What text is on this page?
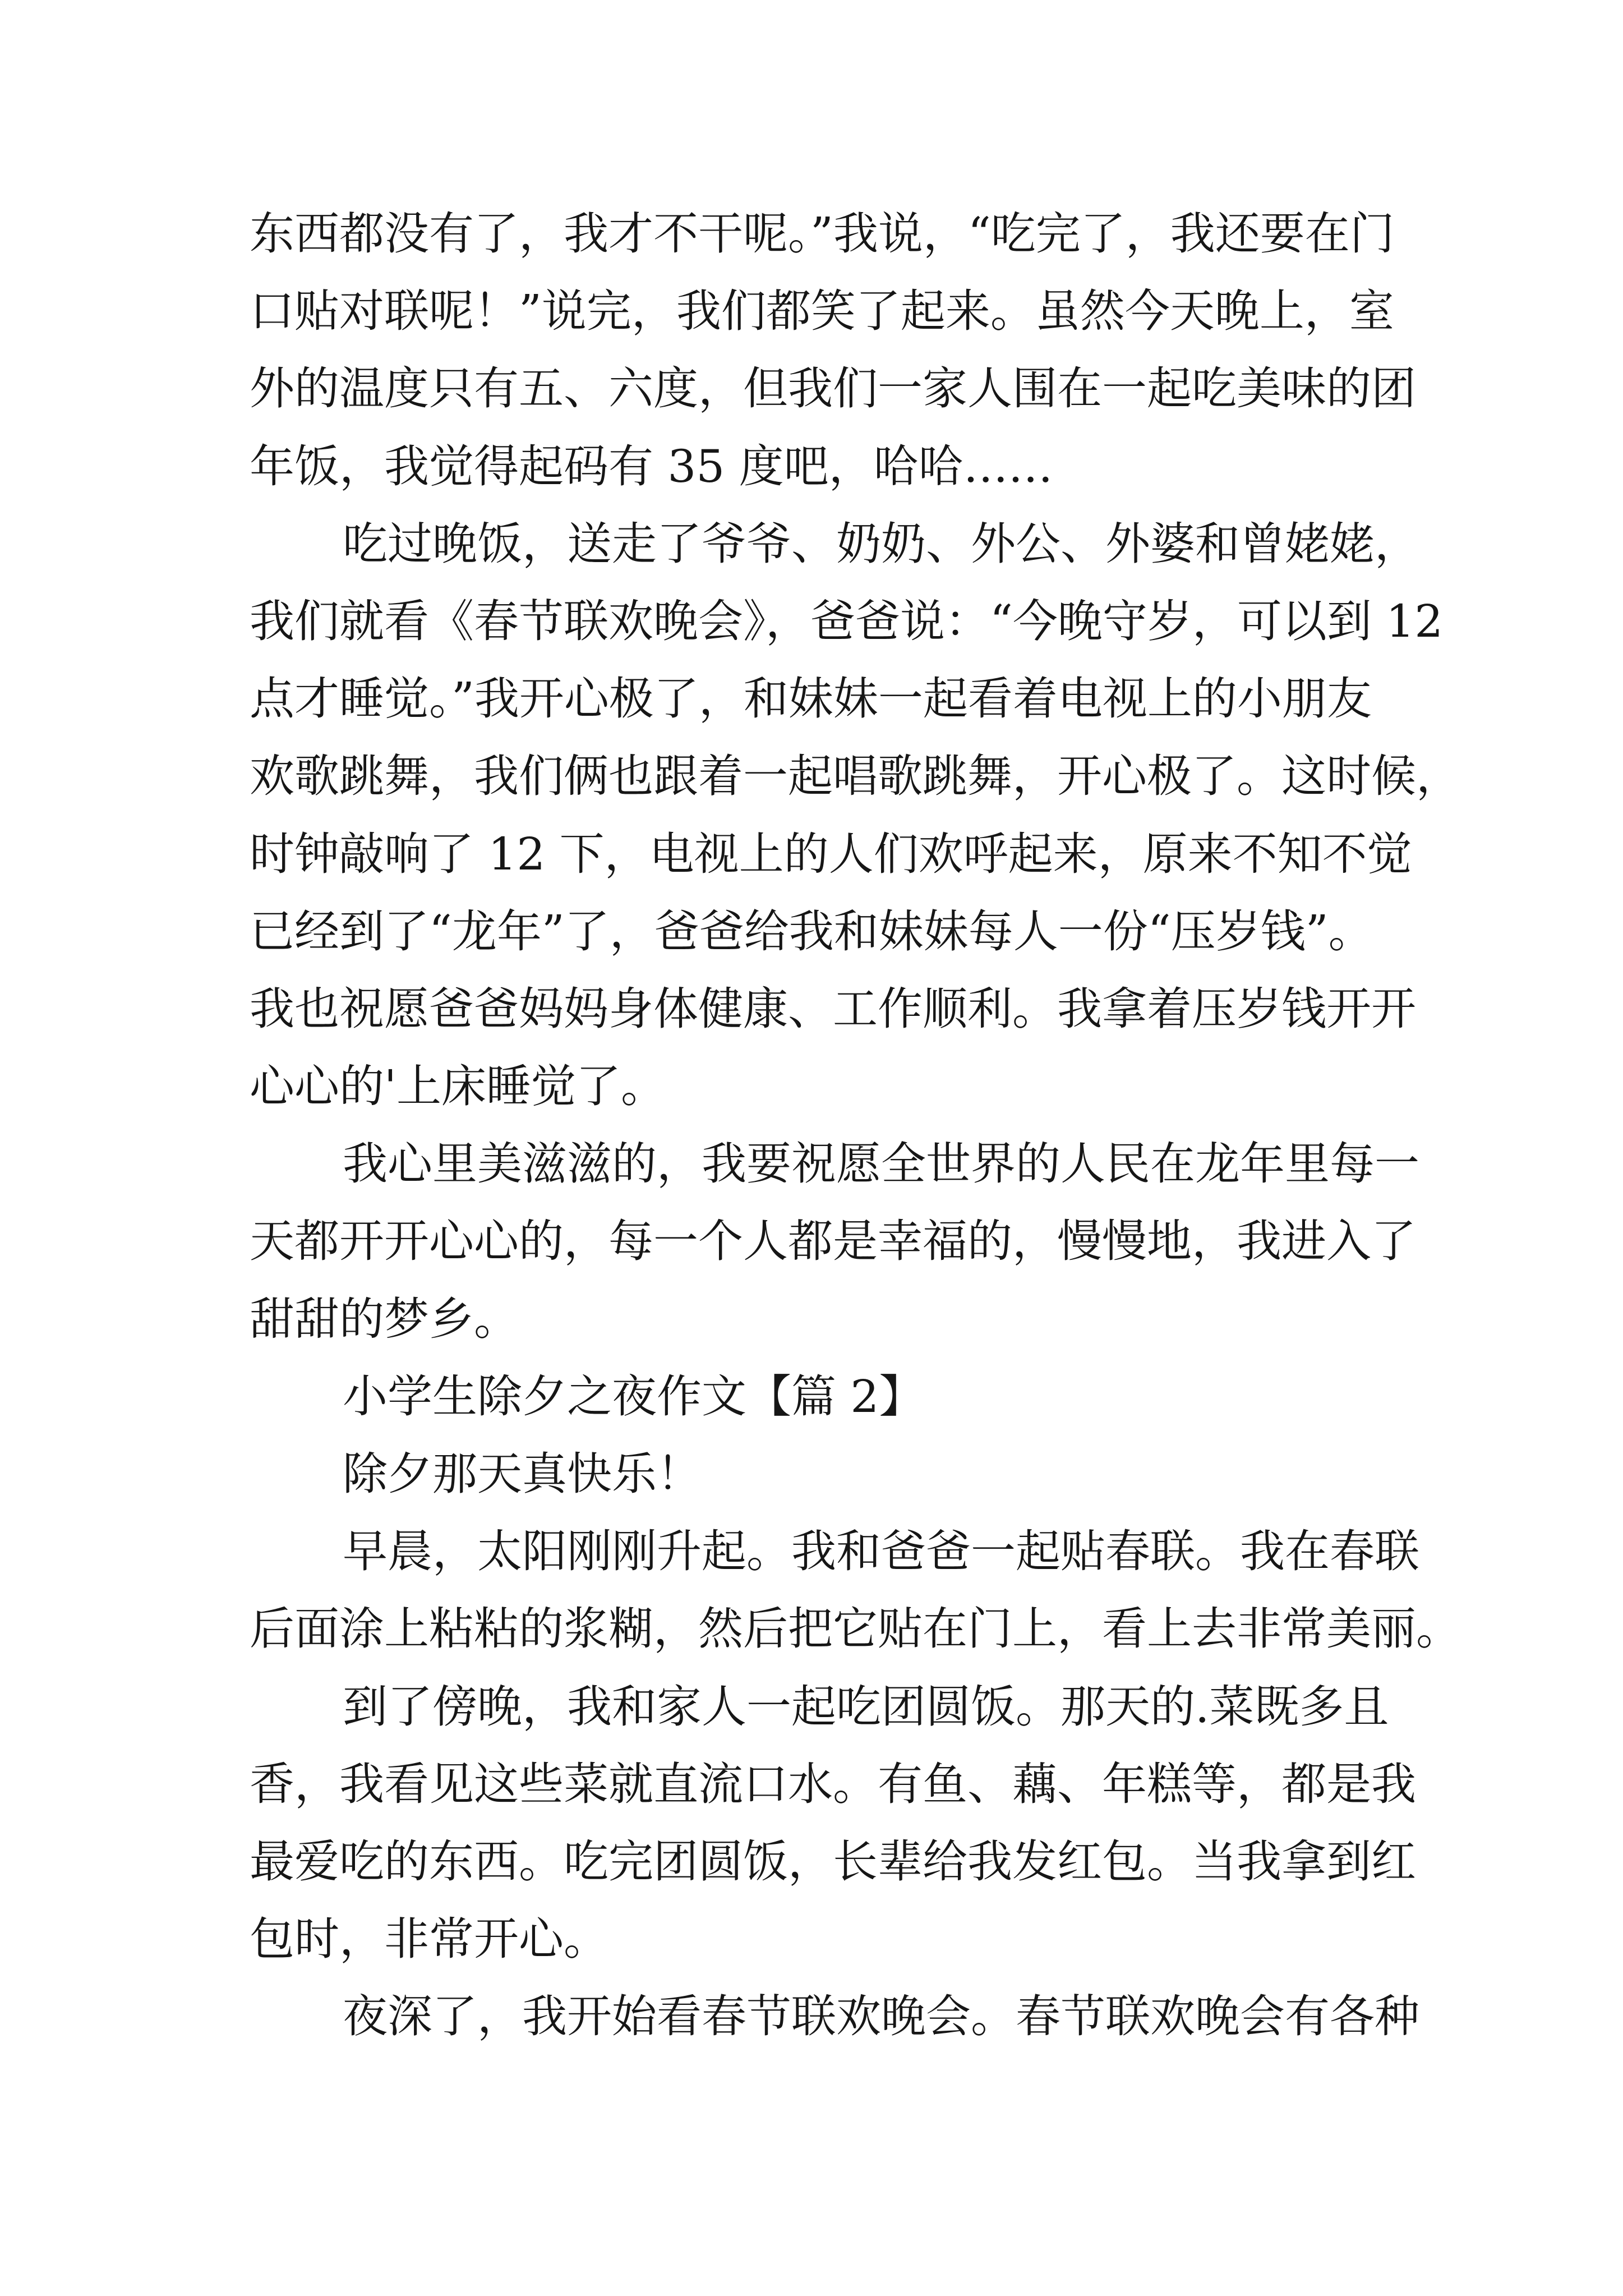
东西都没有了，我才不干呢。”我说，“吃完了，我还要在门
口贴对联呢！”说完，我们都笑了起来。虽然今天晚上，室
外的温度只有五、六度，但我们一家人围在一起吃美味的团
年饭，我觉得起码有 35 度吧，哈哈……
吃过晚饭，送走了爷爷、奶奶、外公、外婆和曾姥姥，
我们就看《春节联欢晚会》，爸爸说：“今晚守岁，可以到 12
点才睡觉。”我开心极了，和妹妹一起看着电视上的小朋友
欢歌跳舞，我们俩也跟着一起唱歌跳舞，开心极了。这时候，
时钟敲响了 12 下，电视上的人们欢呼起来，原来不知不觉
已经到了“龙年”了，爸爸给我和妹妹每人一份“压岁钱”。
我也祝愿爸爸妈妈身体健康、工作顺利。我拿着压岁钱开开
心心的'上床睡觉了。
我心里美滋滋的，我要祝愿全世界的人民在龙年里每一
天都开开心心的，每一个人都是幸福的，慢慢地，我进入了
甜甜的梦乡。
小学生除夕之夜作文【篇 2】
除夕那天真快乐！
早晨，太阳刚刚升起。我和爸爸一起贴春联。我在春联
后面涂上粘粘的浆糊，然后把它贴在门上，看上去非常美丽。
到了傍晚，我和家人一起吃团圆饭。那天的.菜既多且
香，我看见这些菜就直流口水。有鱼、藕、年糕等，都是我
最爱吃的东西。吃完团圆饭，长辈给我发红包。当我拿到红
包时，非常开心。
夜深了，我开始看春节联欢晚会。春节联欢晚会有各种
